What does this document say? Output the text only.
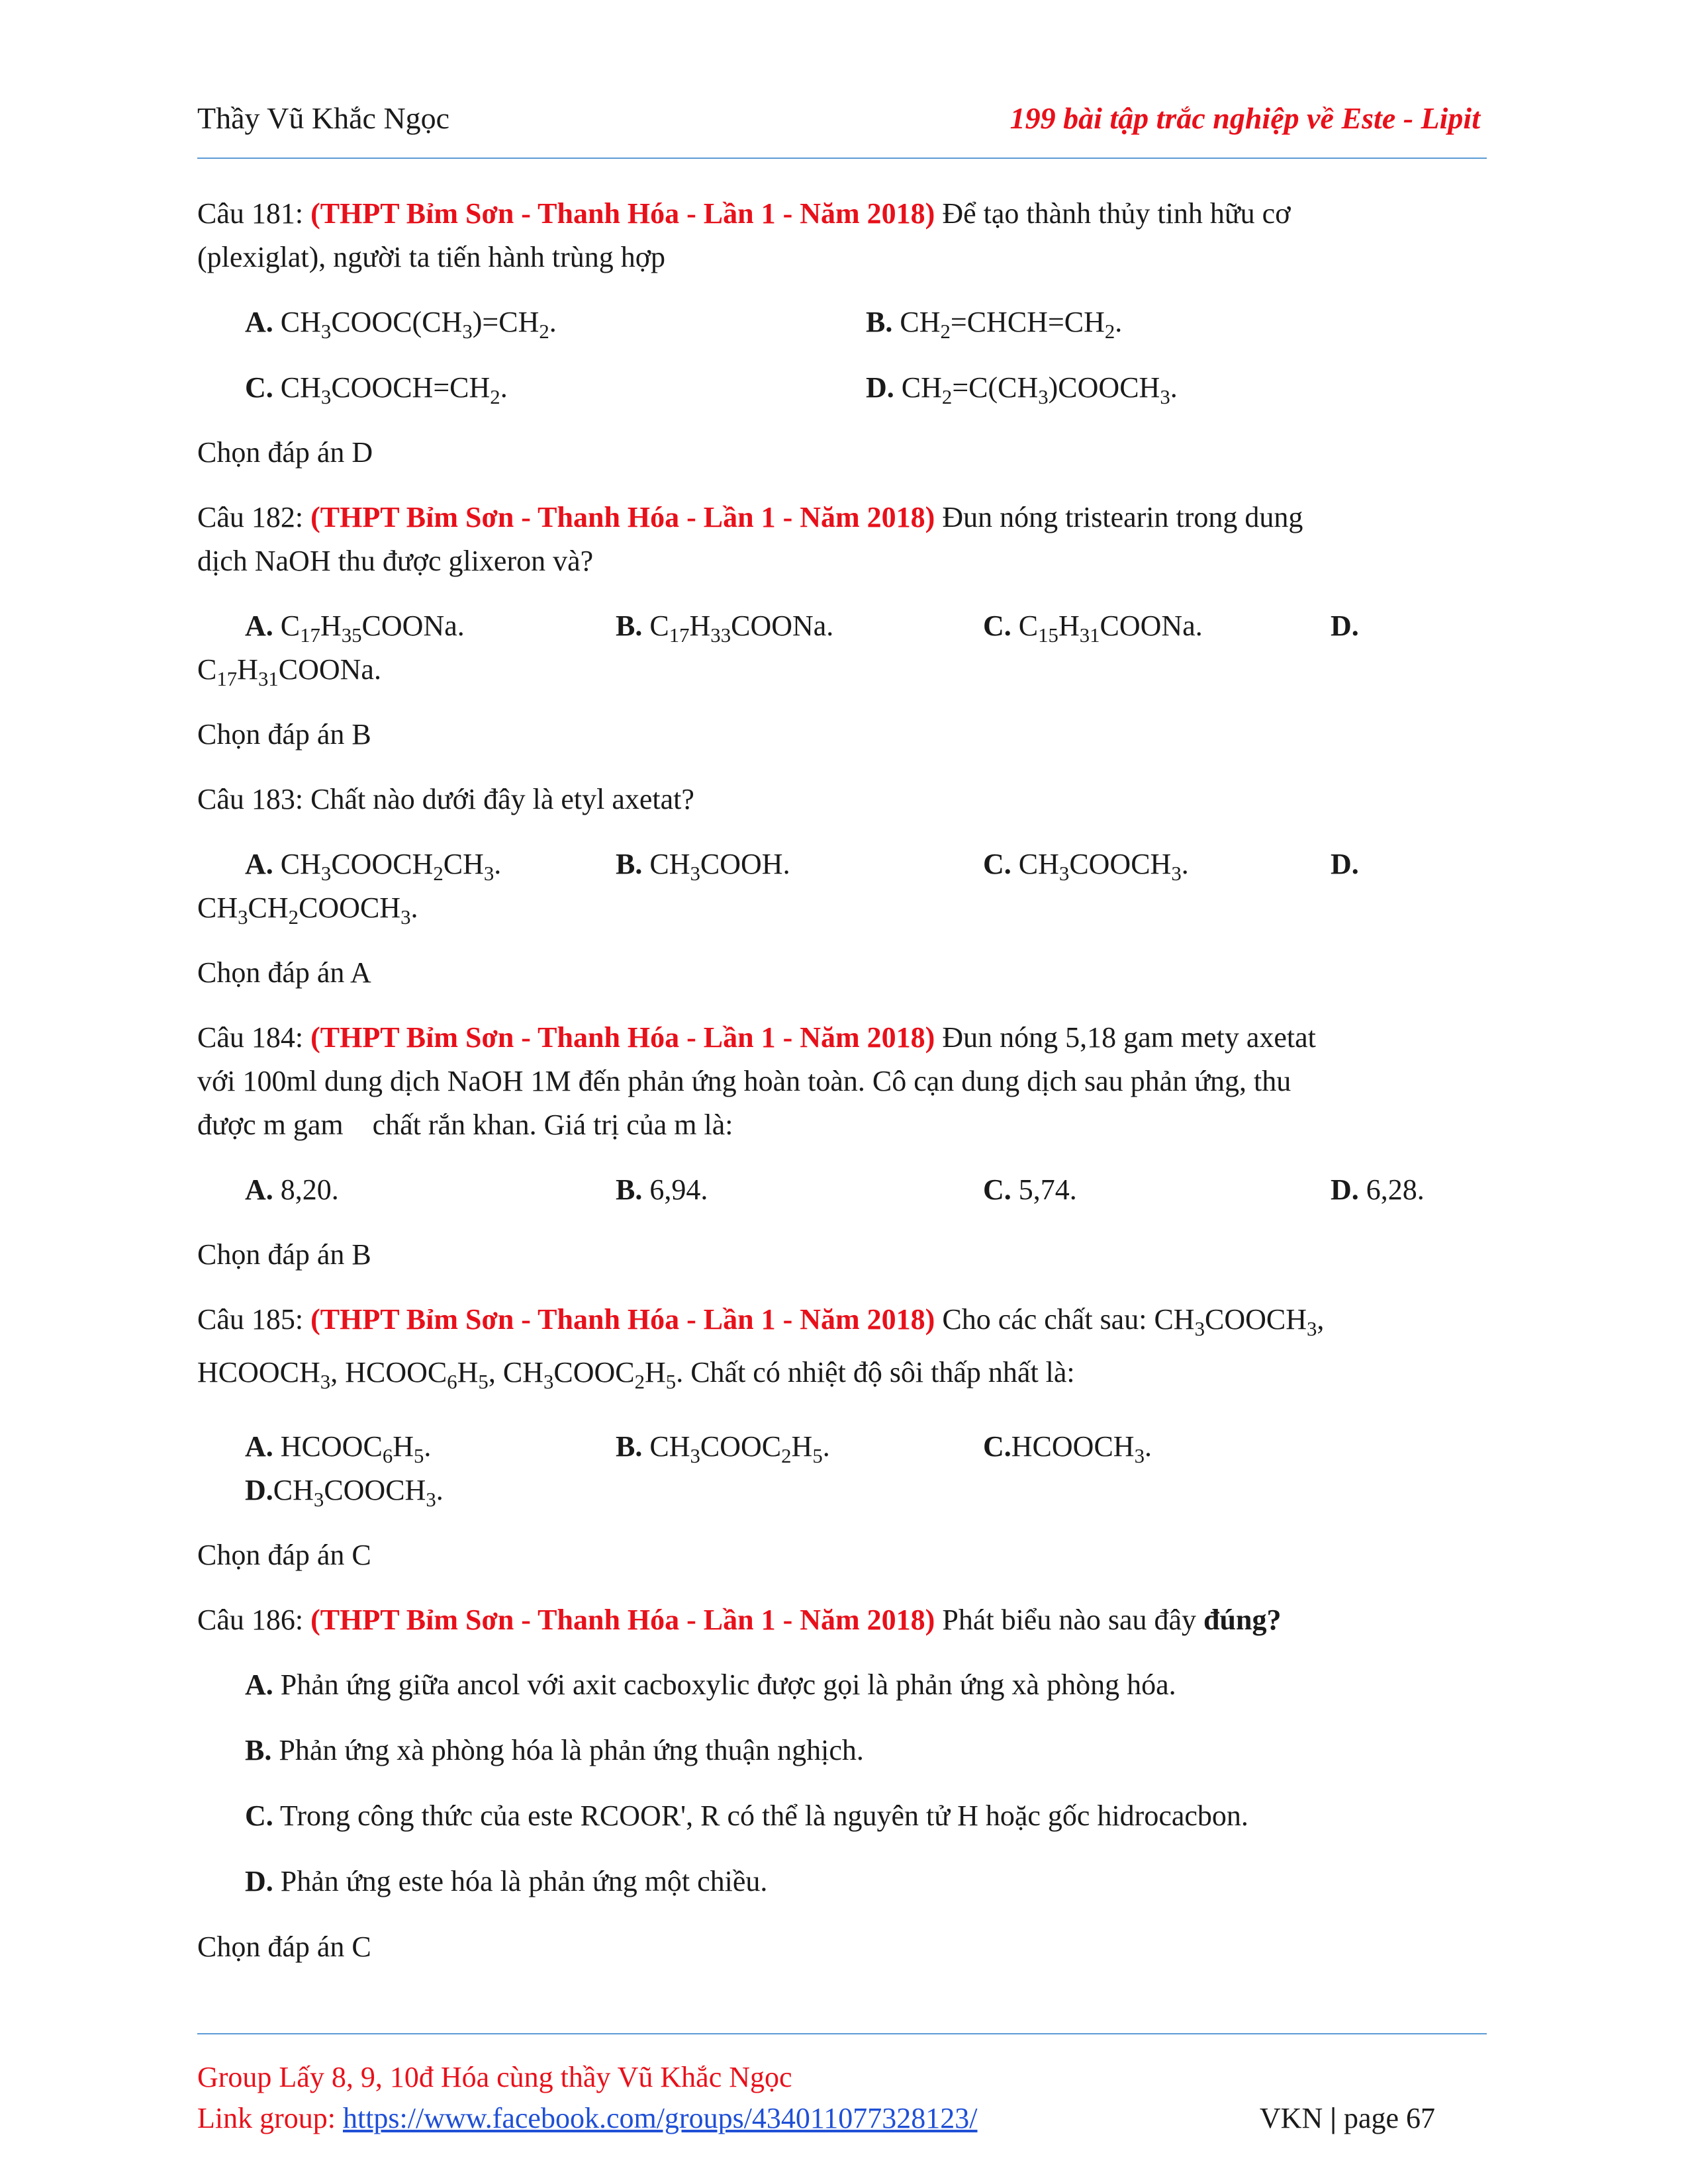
Thầy Vũ Khắc Ngọc	199 bài tập trắc nghiệp về Este - Lipit

Câu 181: (THPT Bỉm Sơn - Thanh Hóa - Lần 1 - Năm 2018) Để tạo thành thủy tinh hữu cơ
(plexiglat), người ta tiến hành trùng hợp

A. $CH_3COOC(CH_3)=CH_2$.	B. $CH_2=CHCH=CH_2$.
C. $CH_3COOCH=CH_2$.	D. $CH_2=C(CH_3)COOCH_3$.

Chọn đáp án D

Câu 182: (THPT Bỉm Sơn - Thanh Hóa - Lần 1 - Năm 2018) Đun nóng tristearin trong dung
dịch NaOH thu được glixeron và?

A. $C_{17}H_{35}COONa$.	B. $C_{17}H_{33}COONa$.	C. $C_{15}H_{31}COONa$.	D.
$C_{17}H_{31}COONa$.

Chọn đáp án B

Câu 183: Chất nào dưới đây là etyl axetat?

A. $CH_3COOCH_2CH_3$.	B. $CH_3COOH$.	C. $CH_3COOCH_3$.	D.
$CH_3CH_2COOCH_3$.

Chọn đáp án A

Câu 184: (THPT Bỉm Sơn - Thanh Hóa - Lần 1 - Năm 2018) Đun nóng 5,18 gam mety axetat
với 100ml dung dịch NaOH 1M đến phản ứng hoàn toàn. Cô cạn dung dịch sau phản ứng, thu
được m gam    chất rắn khan. Giá trị của m là:

A. 8,20.	B. 6,94.	C. 5,74.	D. 6,28.

Chọn đáp án B

Câu 185: (THPT Bỉm Sơn - Thanh Hóa - Lần 1 - Năm 2018) Cho các chất sau: $CH_3COOCH_3$,
$HCOOCH_3$, $HCOOC_6H_5$, $CH_3COOC_2H_5$. Chất có nhiệt độ sôi thấp nhất là:

A. $HCOOC_6H_5$.	B. $CH_3COOC_2H_5$.	$C.HCOOCH_3$.
$D.CH_3COOCH_3$.

Chọn đáp án C

Câu 186: (THPT Bỉm Sơn - Thanh Hóa - Lần 1 - Năm 2018) Phát biểu nào sau đây đúng?

A. Phản ứng giữa ancol với axit cacboxylic được gọi là phản ứng xà phòng hóa.
B. Phản ứng xà phòng hóa là phản ứng thuận nghịch.
C. Trong công thức của este RCOOR', R có thể là nguyên tử H hoặc gốc hidrocacbon.
D. Phản ứng este hóa là phản ứng một chiều.

Chọn đáp án C

Group Lấy 8, 9, 10đ Hóa cùng thầy Vũ Khắc Ngọc
Link group: https://www.facebook.com/groups/434011077328123/	VKN | page 67
